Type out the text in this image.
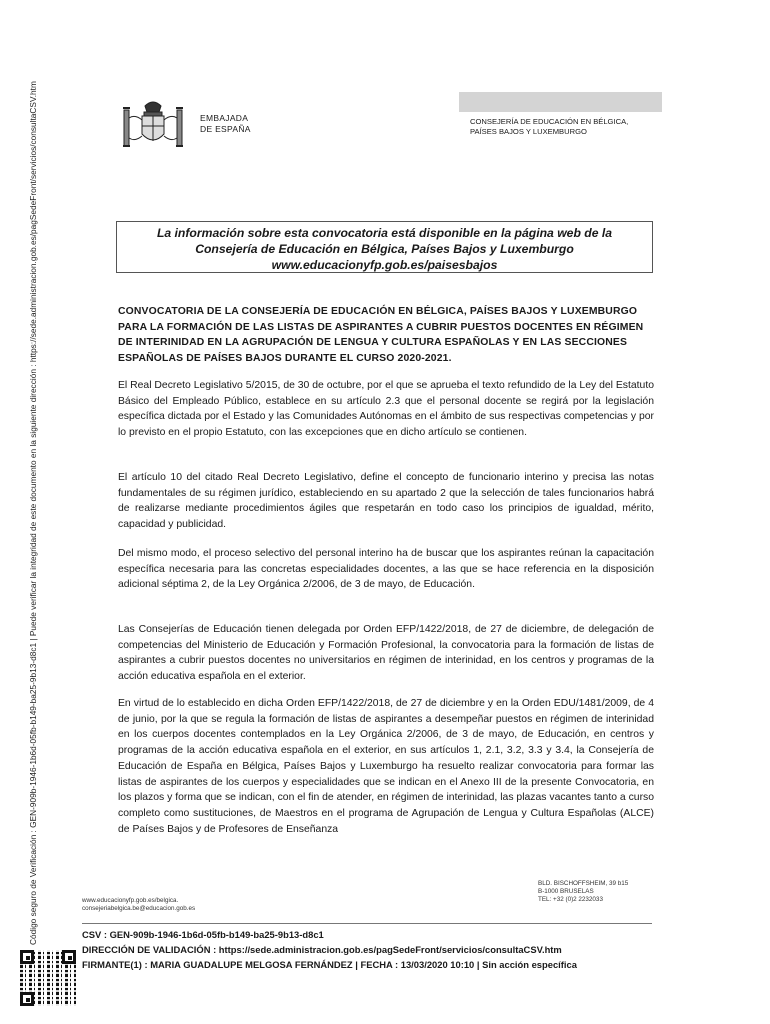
Código seguro de Verificación : GEN-909b-1946-1b6d-05fb-b149-ba25-9b13-d8c1 | Puede verificar la integridad de este documento en la siguiente dirección : https://sede.administracion.gob.es/pagSedeFront/servicios/consultaCSV.htm	EMBAJADA
DE ESPAÑA
CONSEJERÍA DE EDUCACIÓN EN BÉLGICA,
PAÍSES BAJOS Y LUXEMBURGO
La información sobre esta convocatoria está disponible en la página web de la
Consejería de Educación en Bélgica, Países Bajos y Luxemburgo
www.educacionyfp.gob.es/paisesbajos
CONVOCATORIA DE LA CONSEJERÍA DE EDUCACIÓN EN BÉLGICA, PAÍSES BAJOS Y LUXEMBURGO PARA LA FORMACIÓN DE LAS LISTAS DE ASPIRANTES A CUBRIR PUESTOS DOCENTES EN RÉGIMEN DE INTERINIDAD EN LA AGRUPACIÓN DE LENGUA Y CULTURA ESPAÑOLAS Y EN LAS SECCIONES ESPAÑOLAS DE PAÍSES BAJOS DURANTE EL CURSO 2020-2021.
El Real Decreto Legislativo 5/2015, de 30 de octubre, por el que se aprueba el texto refundido de la Ley del Estatuto Básico del Empleado Público, establece en su artículo 2.3 que el personal docente se regirá por la legislación específica dictada por el Estado y las Comunidades Autónomas en el ámbito de sus respectivas competencias y por lo previsto en el propio Estatuto, con las excepciones que en dicho artículo se contienen.
El artículo 10 del citado Real Decreto Legislativo, define el concepto de funcionario interino y precisa las notas fundamentales de su régimen jurídico, estableciendo en su apartado 2 que la selección de tales funcionarios habrá de realizarse mediante procedimientos ágiles que respetarán en todo caso los principios de igualdad, mérito, capacidad y publicidad.
Del mismo modo, el proceso selectivo del personal interino ha de buscar que los aspirantes reúnan la capacitación específica necesaria para las concretas especialidades docentes, a las que se hace referencia en la disposición adicional séptima 2, de la Ley Orgánica 2/2006, de 3 de mayo, de Educación.
Las Consejerías de Educación tienen delegada por Orden EFP/1422/2018, de 27 de diciembre, de delegación de competencias del Ministerio de Educación y Formación Profesional, la convocatoria para la formación de listas de aspirantes a cubrir puestos docentes no universitarios en régimen de interinidad, en los centros y programas de la acción educativa española en el exterior.
En virtud de lo establecido en dicha Orden EFP/1422/2018, de 27 de diciembre y en la Orden EDU/1481/2009, de 4 de junio, por la que se regula la formación de listas de aspirantes a desempeñar puestos en régimen de interinidad en los cuerpos docentes contemplados en la Ley Orgánica 2/2006, de 3 de mayo, de Educación, en centros y programas de la acción educativa española en el exterior, en sus artículos 1, 2.1, 3.2, 3.3 y 3.4, la Consejería de Educación de España en Bélgica, Países Bajos y Luxemburgo ha resuelto realizar convocatoria para formar las listas de aspirantes de los cuerpos y especialidades que se indican en el Anexo III de la presente Convocatoria, en los plazos y forma que se indican, con el fin de atender, en régimen de interinidad, las plazas vacantes tanto a curso completo como sustituciones, de Maestros en el programa de Agrupación de Lengua y Cultura Españolas (ALCE) de Países Bajos y de Profesores de Enseñanza
www.educacionyfp.gob.es/belgica.
consejeriabelgica.be@educacion.gob.es
BLD. BISCHOFFSHEIM, 39 b15
B-1000 BRUSELAS
TEL: +32 (0)2 2232033
CSV : GEN-909b-1946-1b6d-05fb-b149-ba25-9b13-d8c1
DIRECCIÓN DE VALIDACIÓN : https://sede.administracion.gob.es/pagSedeFront/servicios/consultaCSV.htm
FIRMANTE(1) : MARIA GUADALUPE MELGOSA FERNÁNDEZ | FECHA : 13/03/2020 10:10 | Sin acción específica
